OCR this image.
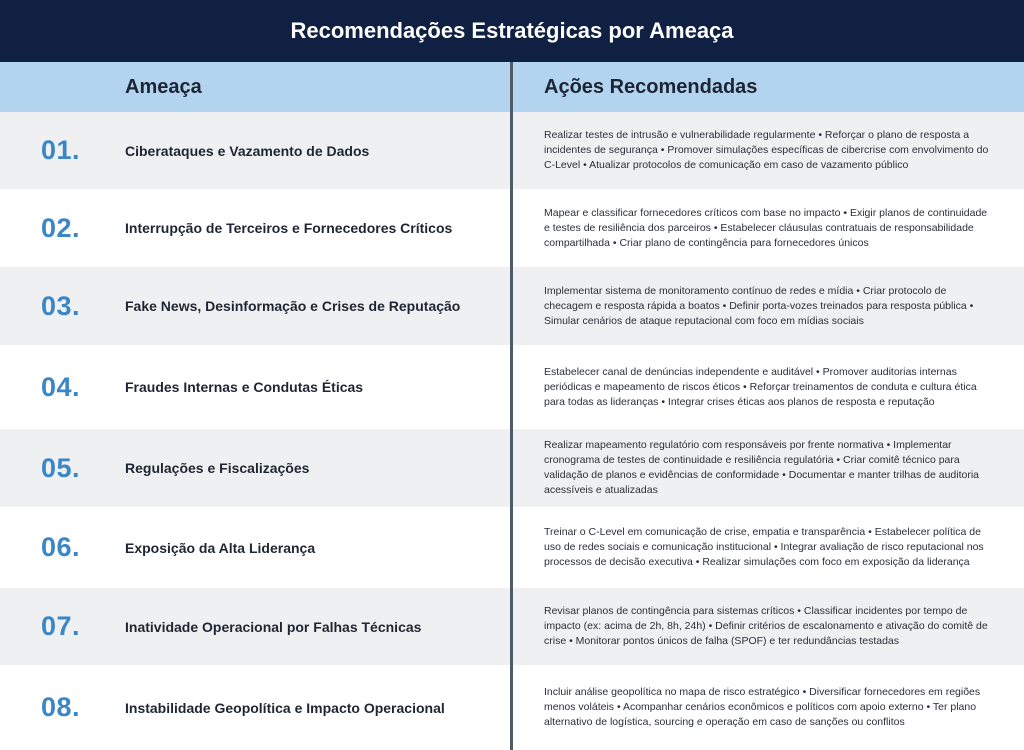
Recomendações Estratégicas por Ameaça
Ameaça	Ações Recomendadas
01.	Ciberataques e Vazamento de Dados
Realizar testes de intrusão e vulnerabilidade regularmente • Reforçar o plano de resposta a incidentes de segurança • Promover simulações específicas de cibercrise com envolvimento do C-Level • Atualizar protocolos de comunicação em caso de vazamento público
02.	Interrupção de Terceiros e Fornecedores Críticos
Mapear e classificar fornecedores críticos com base no impacto • Exigir planos de continuidade e testes de resiliência dos parceiros • Estabelecer cláusulas contratuais de responsabilidade compartilhada • Criar plano de contingência para fornecedores únicos
03.	Fake News, Desinformação e Crises de Reputação
Implementar sistema de monitoramento contínuo de redes e mídia • Criar protocolo de checagem e resposta rápida a boatos • Definir porta-vozes treinados para resposta pública • Simular cenários de ataque reputacional com foco em mídias sociais
04.	Fraudes Internas e Condutas Éticas
Estabelecer canal de denúncias independente e auditável • Promover auditorias internas periódicas e mapeamento de riscos éticos • Reforçar treinamentos de conduta e cultura ética para todas as lideranças • Integrar crises éticas aos planos de resposta e reputação
05.	Regulações e Fiscalizações
Realizar mapeamento regulatório com responsáveis por frente normativa • Implementar cronograma de testes de continuidade e resiliência regulatória • Criar comitê técnico para validação de planos e evidências de conformidade • Documentar e manter trilhas de auditoria acessíveis e atualizadas
06.	Exposição da Alta Liderança
Treinar o C-Level em comunicação de crise, empatia e transparência • Estabelecer política de uso de redes sociais e comunicação institucional • Integrar avaliação de risco reputacional nos processos de decisão executiva • Realizar simulações com foco em exposição da liderança
07.	Inatividade Operacional por Falhas Técnicas
Revisar planos de contingência para sistemas críticos • Classificar incidentes por tempo de impacto (ex: acima de 2h, 8h, 24h) • Definir critérios de escalonamento e ativação do comitê de crise • Monitorar pontos únicos de falha (SPOF) e ter redundâncias testadas
08.	Instabilidade Geopolítica e Impacto Operacional
Incluir análise geopolítica no mapa de risco estratégico • Diversificar fornecedores em regiões menos voláteis • Acompanhar cenários econômicos e políticos com apoio externo • Ter plano alternativo de logística, sourcing e operação em caso de sanções ou conflitos
